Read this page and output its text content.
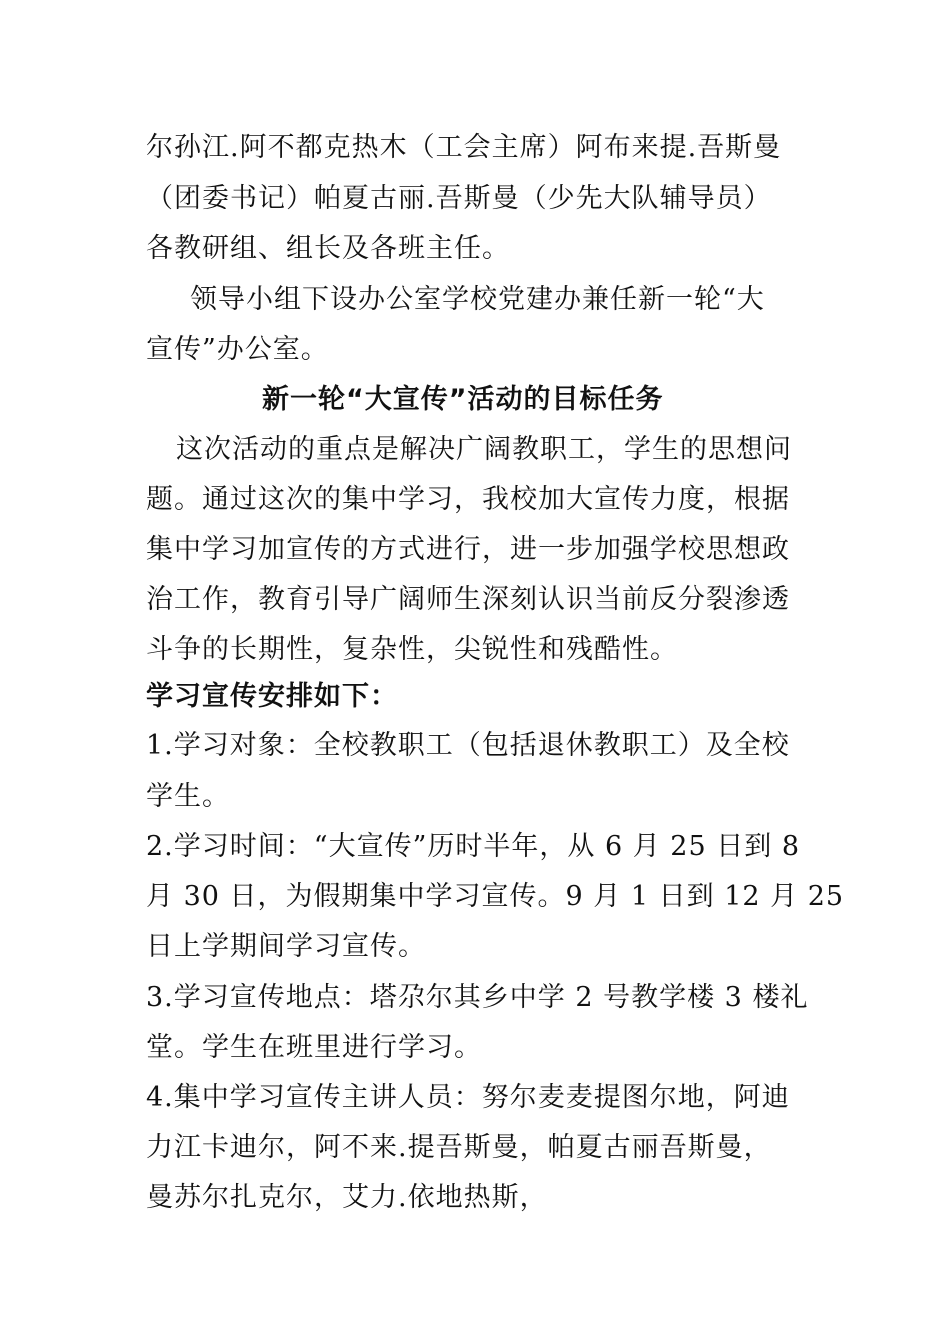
尔孙江.阿不都克热木（工会主席）阿布来提.吾斯曼
（团委书记）帕夏古丽.吾斯曼（少先大队辅导员）
各教研组、组长及各班主任。
领导小组下设办公室学校党建办兼任新一轮“大
宣传”办公室。
新一轮“大宣传”活动的目标任务
这次活动的重点是解决广阔教职工，学生的思想问
题。通过这次的集中学习，我校加大宣传力度，根据
集中学习加宣传的方式进行，进一步加强学校思想政
治工作，教育引导广阔师生深刻认识当前反分裂渗透
斗争的长期性，复杂性，尖锐性和残酷性。
学习宣传安排如下：
1.学习对象：全校教职工（包括退休教职工）及全校
学生。
2.学习时间：“大宣传”历时半年，从 6 月 25 日到 8
月 30 日，为假期集中学习宣传。9 月 1 日到 12 月 25
日上学期间学习宣传。
3.学习宣传地点：塔尕尔其乡中学 2 号教学楼 3 楼礼
堂。学生在班里进行学习。
4.集中学习宣传主讲人员：努尔麦麦提图尔地，阿迪
力江卡迪尔，阿不来.提吾斯曼，帕夏古丽吾斯曼，
曼苏尔扎克尔，艾力.依地热斯，
